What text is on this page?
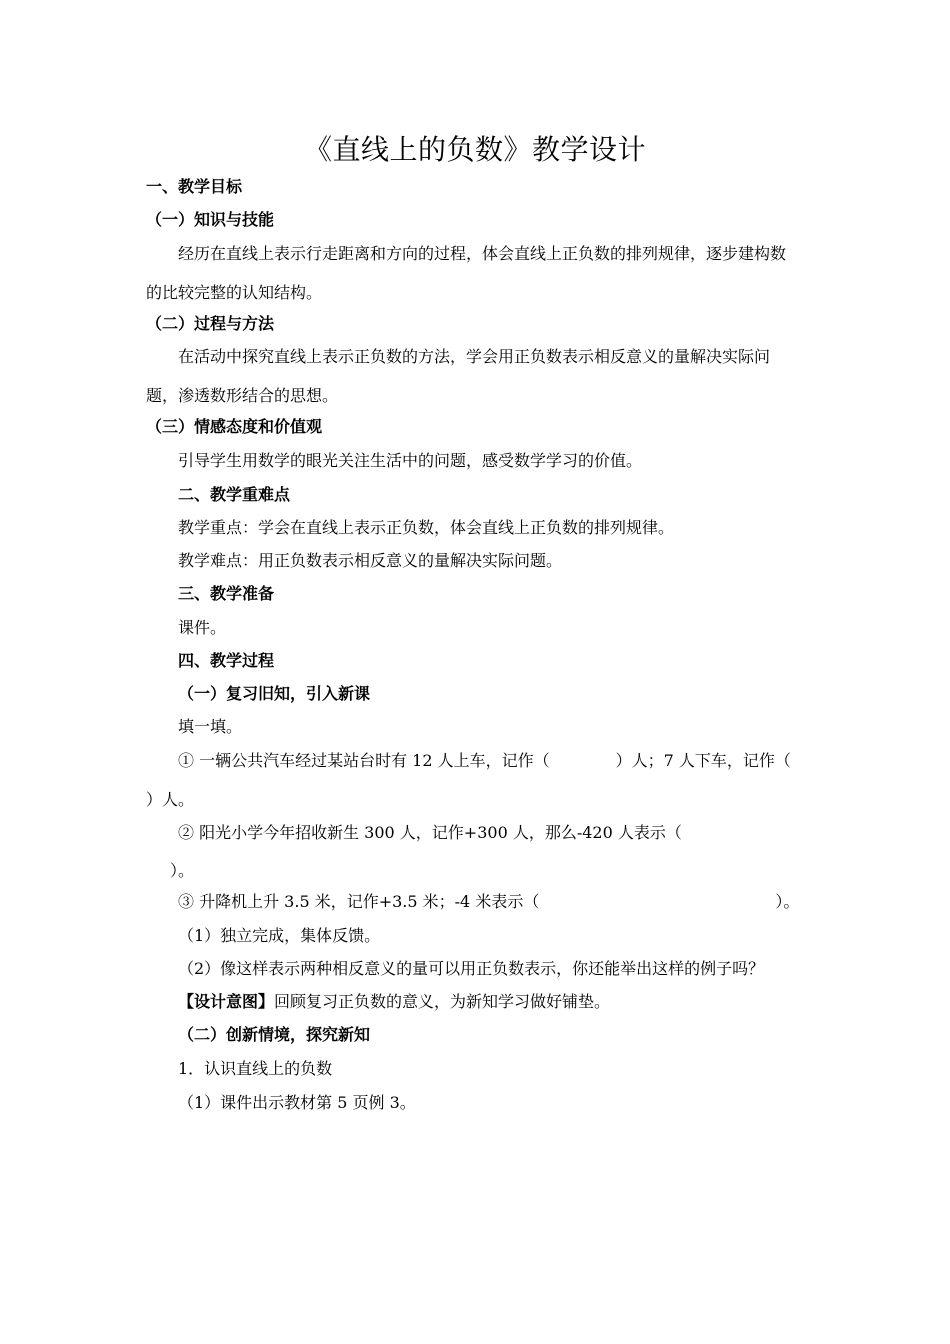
《直线上的负数》教学设计
一、教学目标
（一）知识与技能
经历在直线上表示行走距离和方向的过程，体会直线上正负数的排列规律，逐步建构数
的比较完整的认知结构。
（二）过程与方法
在活动中探究直线上表示正负数的方法，学会用正负数表示相反意义的量解决实际问
题，渗透数形结合的思想。
（三）情感态度和价值观
引导学生用数学的眼光关注生活中的问题，感受数学学习的价值。
二、教学重难点
教学重点：学会在直线上表示正负数，体会直线上正负数的排列规律。
教学难点：用正负数表示相反意义的量解决实际问题。
三、教学准备
课件。
四、教学过程
（一）复习旧知，引入新课
填一填。
① 一辆公共汽车经过某站台时有 12 人上车，记作（	）人；7 人下车，记作（
）人。
② 阳光小学今年招收新生 300 人，记作+300 人，那么-420 人表示（
）。
③ 升降机上升 3.5 米，记作+3.5 米；-4 米表示（	）。
（1）独立完成，集体反馈。
（2）像这样表示两种相反意义的量可以用正负数表示，你还能举出这样的例子吗？
【设计意图】回顾复习正负数的意义，为新知学习做好铺垫。
（二）创新情境，探究新知
1．认识直线上的负数
（1）课件出示教材第 5 页例 3。
